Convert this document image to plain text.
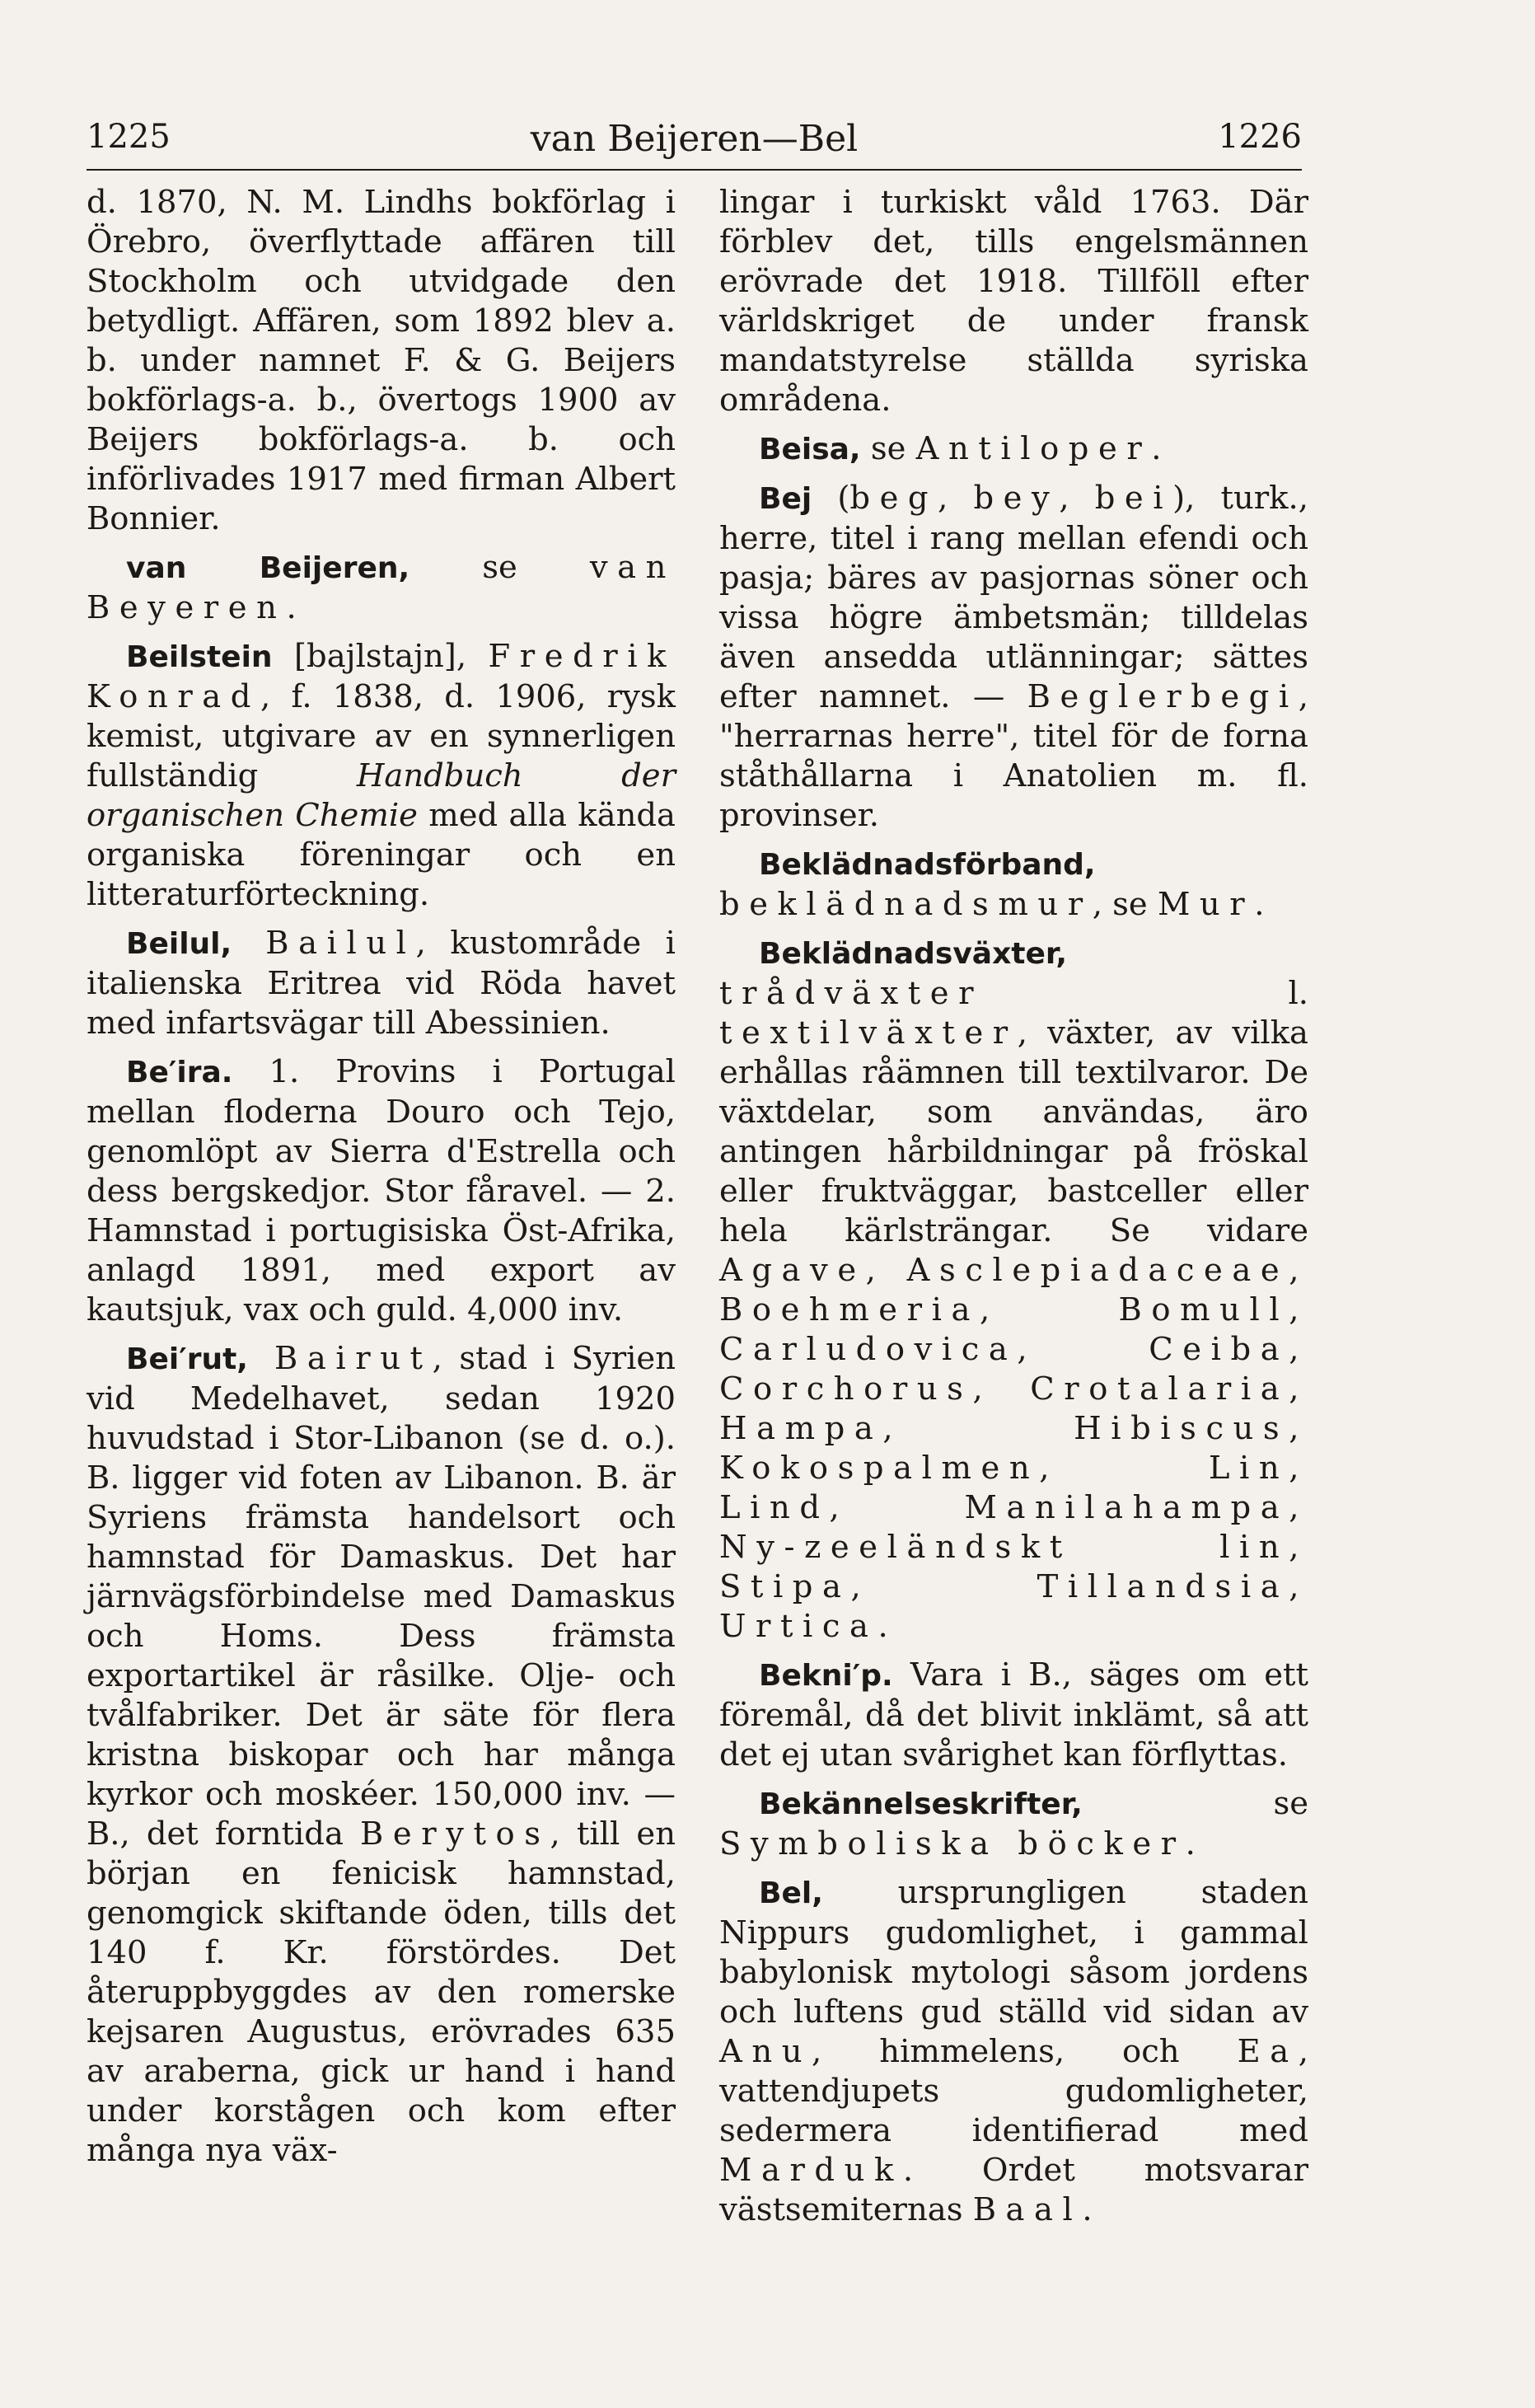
1225	van Beijeren—Bel	1226

d. 1870, N. M. Lindhs bokförlag i Örebro, överflyttade affären till Stockholm och utvidgade den betydligt. Affären, som 1892 blev a. b. under namnet F. & G. Beijers bokförlags-a. b., övertogs 1900 av Beijers bokförlags-a. b. och införlivades 1917 med firman Albert Bonnier.

van Beijeren, se van Beyeren.

Beilstein [bajlstajn], Fredrik Konrad, f. 1838, d. 1906, rysk kemist, utgivare av en synnerligen fullständig Handbuch der organischen Chemie med alla kända organiska föreningar och en litteraturförteckning.

Beilul, Bailul, kustområde i italienska Eritrea vid Röda havet med infartsvägar till Abessinien.

Be′ira. 1. Provins i Portugal mellan floderna Douro och Tejo, genomlöpt av Sierra d'Estrella och dess bergskedjor. Stor fåravel. — 2. Hamnstad i portugisiska Öst-Afrika, anlagd 1891, med export av kautsjuk, vax och guld. 4,000 inv.

Bei′rut, Bairut, stad i Syrien vid Medelhavet, sedan 1920 huvudstad i Stor-Libanon (se d. o.). B. ligger vid foten av Libanon. B. är Syriens främsta handelsort och hamnstad för Damaskus. Det har järnvägsförbindelse med Damaskus och Homs. Dess främsta exportartikel är råsilke. Olje- och tvålfabriker. Det är säte för flera kristna biskopar och har många kyrkor och moskéer. 150,000 inv. — B., det forntida Berytos, till en början en fenicisk hamnstad, genomgick skiftande öden, tills det 140 f. Kr. förstördes. Det återuppbyggdes av den romerske kejsaren Augustus, erövrades 635 av araberna, gick ur hand i hand under korstågen och kom efter många nya väx-

lingar i turkiskt våld 1763. Där förblev det, tills engelsmännen erövrade det 1918. Tillföll efter världskriget de under fransk mandatstyrelse ställda syriska områdena.

Beisa, se Antiloper.

Bej (beg, bey, bei), turk., herre, titel i rang mellan efendi och pasja; bäres av pasjornas söner och vissa högre ämbetsmän; tilldelas även ansedda utlänningar; sättes efter namnet. — Beglerbegi, "herrarnas herre", titel för de forna ståthållarna i Anatolien m. fl. provinser.

Beklädnadsförband, beklädnadsmur, se Mur.

Beklädnadsväxter, trådväxter l. textilväxter, växter, av vilka erhållas råämnen till textilvaror. De växtdelar, som användas, äro antingen hårbildningar på fröskal eller fruktväggar, bastceller eller hela kärlsträngar. Se vidare Agave, Asclepiadaceae, Boehmeria, Bomull, Carludovica, Ceiba, Corchorus, Crotalaria, Hampa, Hibiscus, Kokospalmen, Lin, Lind, Manilahampa, Ny-zeeländskt lin, Stipa, Tillandsia, Urtica.

Bekni′p. Vara i B., säges om ett föremål, då det blivit inklämt, så att det ej utan svårighet kan förflyttas.

Bekännelseskrifter, se Symboliska böcker.

Bel, ursprungligen staden Nippurs gudomlighet, i gammal babylonisk mytologi såsom jordens och luftens gud ställd vid sidan av Anu, himmelens, och Ea, vattendjupets gudomligheter, sedermera identifierad med Marduk. Ordet motsvarar västsemiternas Baal.
